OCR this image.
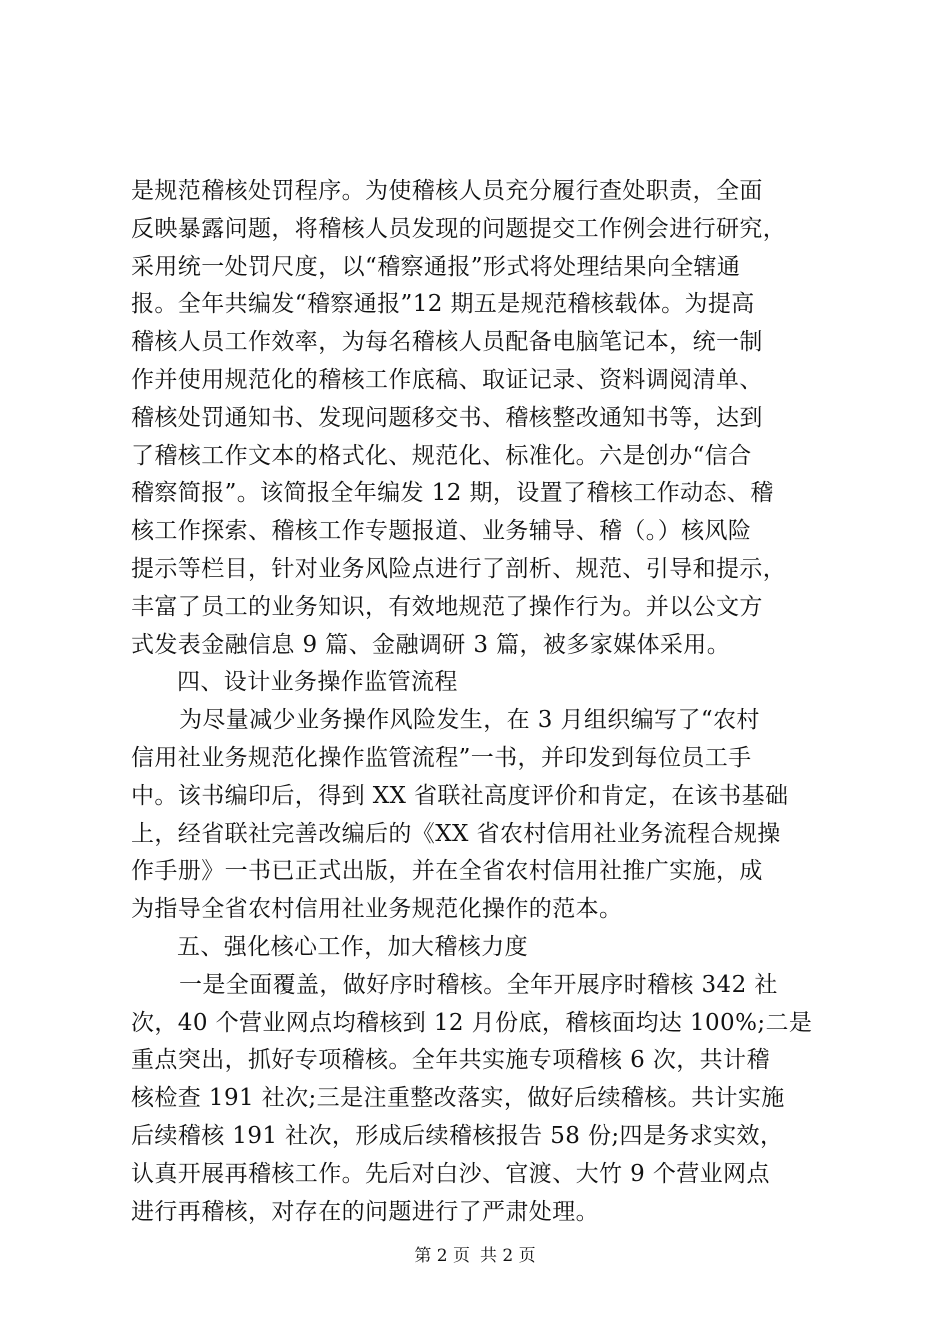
是规范稽核处罚程序。为使稽核人员充分履行查处职责，全面
反映暴露问题，将稽核人员发现的问题提交工作例会进行研究，
采用统一处罚尺度，以“稽察通报”形式将处理结果向全辖通
报。全年共编发“稽察通报”12 期五是规范稽核载体。为提高
稽核人员工作效率，为每名稽核人员配备电脑笔记本，统一制
作并使用规范化的稽核工作底稿、取证记录、资料调阅清单、
稽核处罚通知书、发现问题移交书、稽核整改通知书等，达到
了稽核工作文本的格式化、规范化、标准化。六是创办“信合
稽察简报”。该简报全年编发 12 期，设置了稽核工作动态、稽
核工作探索、稽核工作专题报道、业务辅导、稽（。）核风险
提示等栏目，针对业务风险点进行了剖析、规范、引导和提示，
丰富了员工的业务知识，有效地规范了操作行为。并以公文方
式发表金融信息 9 篇、金融调研 3 篇，被多家媒体采用。
四、设计业务操作监管流程
为尽量减少业务操作风险发生，在 3 月组织编写了“农村
信用社业务规范化操作监管流程”一书，并印发到每位员工手
中。该书编印后，得到 XX 省联社高度评价和肯定，在该书基础
上，经省联社完善改编后的《XX 省农村信用社业务流程合规操
作手册》一书已正式出版，并在全省农村信用社推广实施，成
为指导全省农村信用社业务规范化操作的范本。
五、强化核心工作，加大稽核力度
一是全面覆盖，做好序时稽核。全年开展序时稽核 342 社
次，40 个营业网点均稽核到 12 月份底，稽核面均达 100%;二是
重点突出，抓好专项稽核。全年共实施专项稽核 6 次，共计稽
核检查 191 社次;三是注重整改落实，做好后续稽核。共计实施
后续稽核 191 社次，形成后续稽核报告 58 份;四是务求实效，
认真开展再稽核工作。先后对白沙、官渡、大竹 9 个营业网点
进行再稽核，对存在的问题进行了严肃处理。
第 2 页 共 2 页
